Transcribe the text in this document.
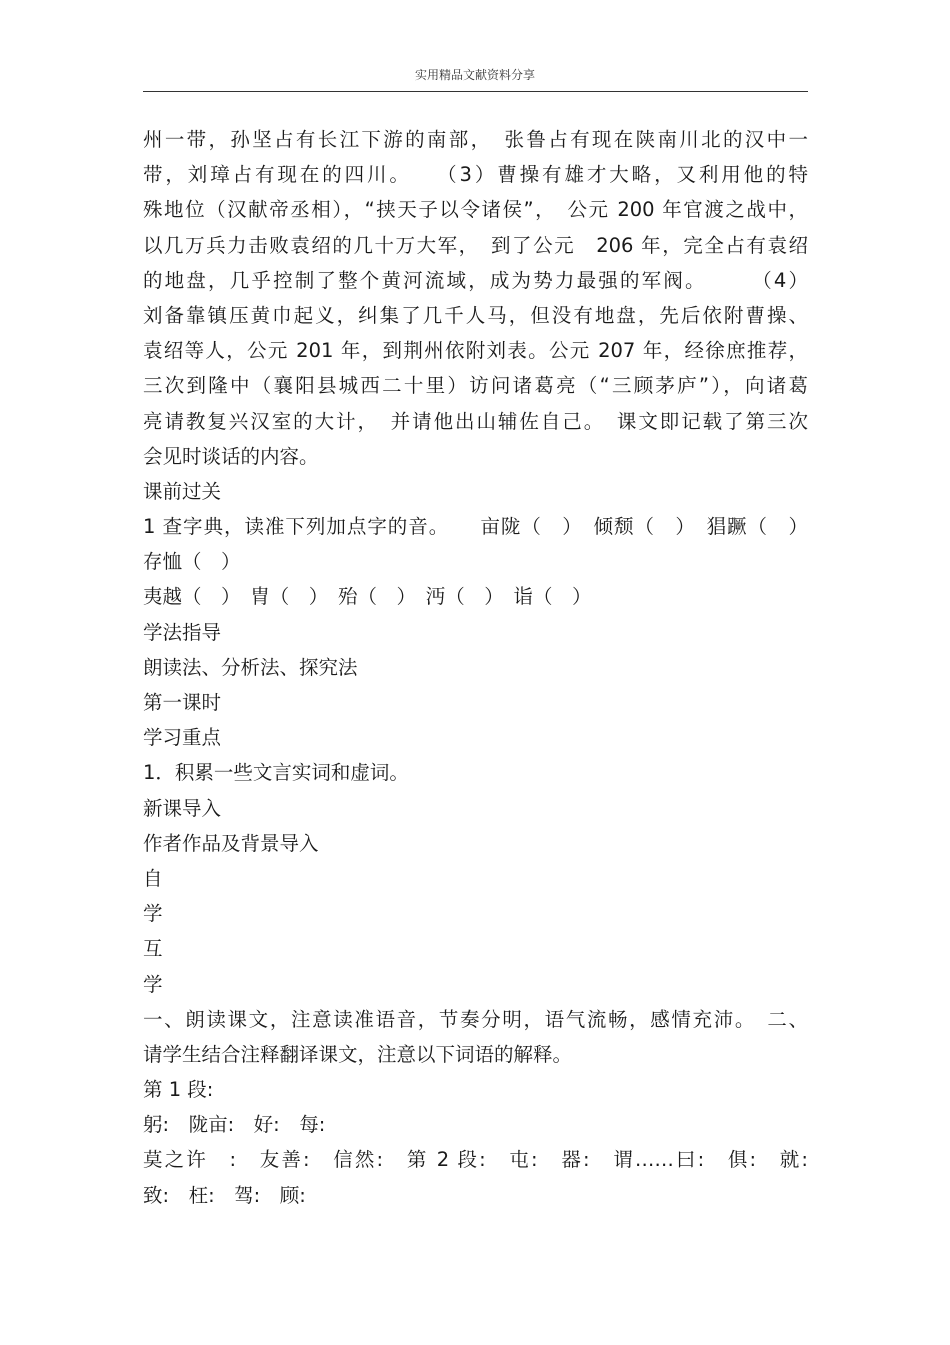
实用精品文献资料分享
州一带，孙坚占有长江下游的南部，　张鲁占有现在陕南川北的汉中一
带，刘璋占有现在的四川。　　（3）曹操有雄才大略，又利用他的特
殊地位（汉献帝丞相），“挟天子以令诸侯”，　公元 200 年官渡之战中，
以几万兵力击败袁绍的几十万大军，　到了公元　206 年，完全占有袁绍
的地盘，几乎控制了整个黄河流域，成为势力最强的军阀。　　　（4）
刘备靠镇压黄巾起义，纠集了几千人马，但没有地盘，先后依附曹操、
袁绍等人，公元 201 年，到荆州依附刘表。公元 207 年，经徐庶推荐，
三次到隆中（襄阳县城西二十里）访问诸葛亮（“三顾茅庐”），向诸葛
亮请教复兴汉室的大计，　并请他出山辅佐自己。　课文即记载了第三次
会见时谈话的内容。
课前过关
1 查字典，读准下列加点字的音。　　亩陇（　）　倾颓（　）　猖蹶（　）
存恤（　）
夷越（　）　胄（　）　殆（　）　沔（　）　诣（　）
学法指导
朗读法、分析法、探究法
第一课时
学习重点
1．积累一些文言实词和虚词。
新课导入
作者作品及背景导入
自
学
互
学
一、朗读课文，注意读准语音，节奏分明，语气流畅，感情充沛。　二、
请学生结合注释翻译课文，注意以下词语的解释。
第 1 段:
躬:　陇亩:　好:　每:
莫之许　:　友善:　信然:　第 2 段:　屯:　器:　谓……曰:　俱:　就:
致:　枉:　驾:　顾:
